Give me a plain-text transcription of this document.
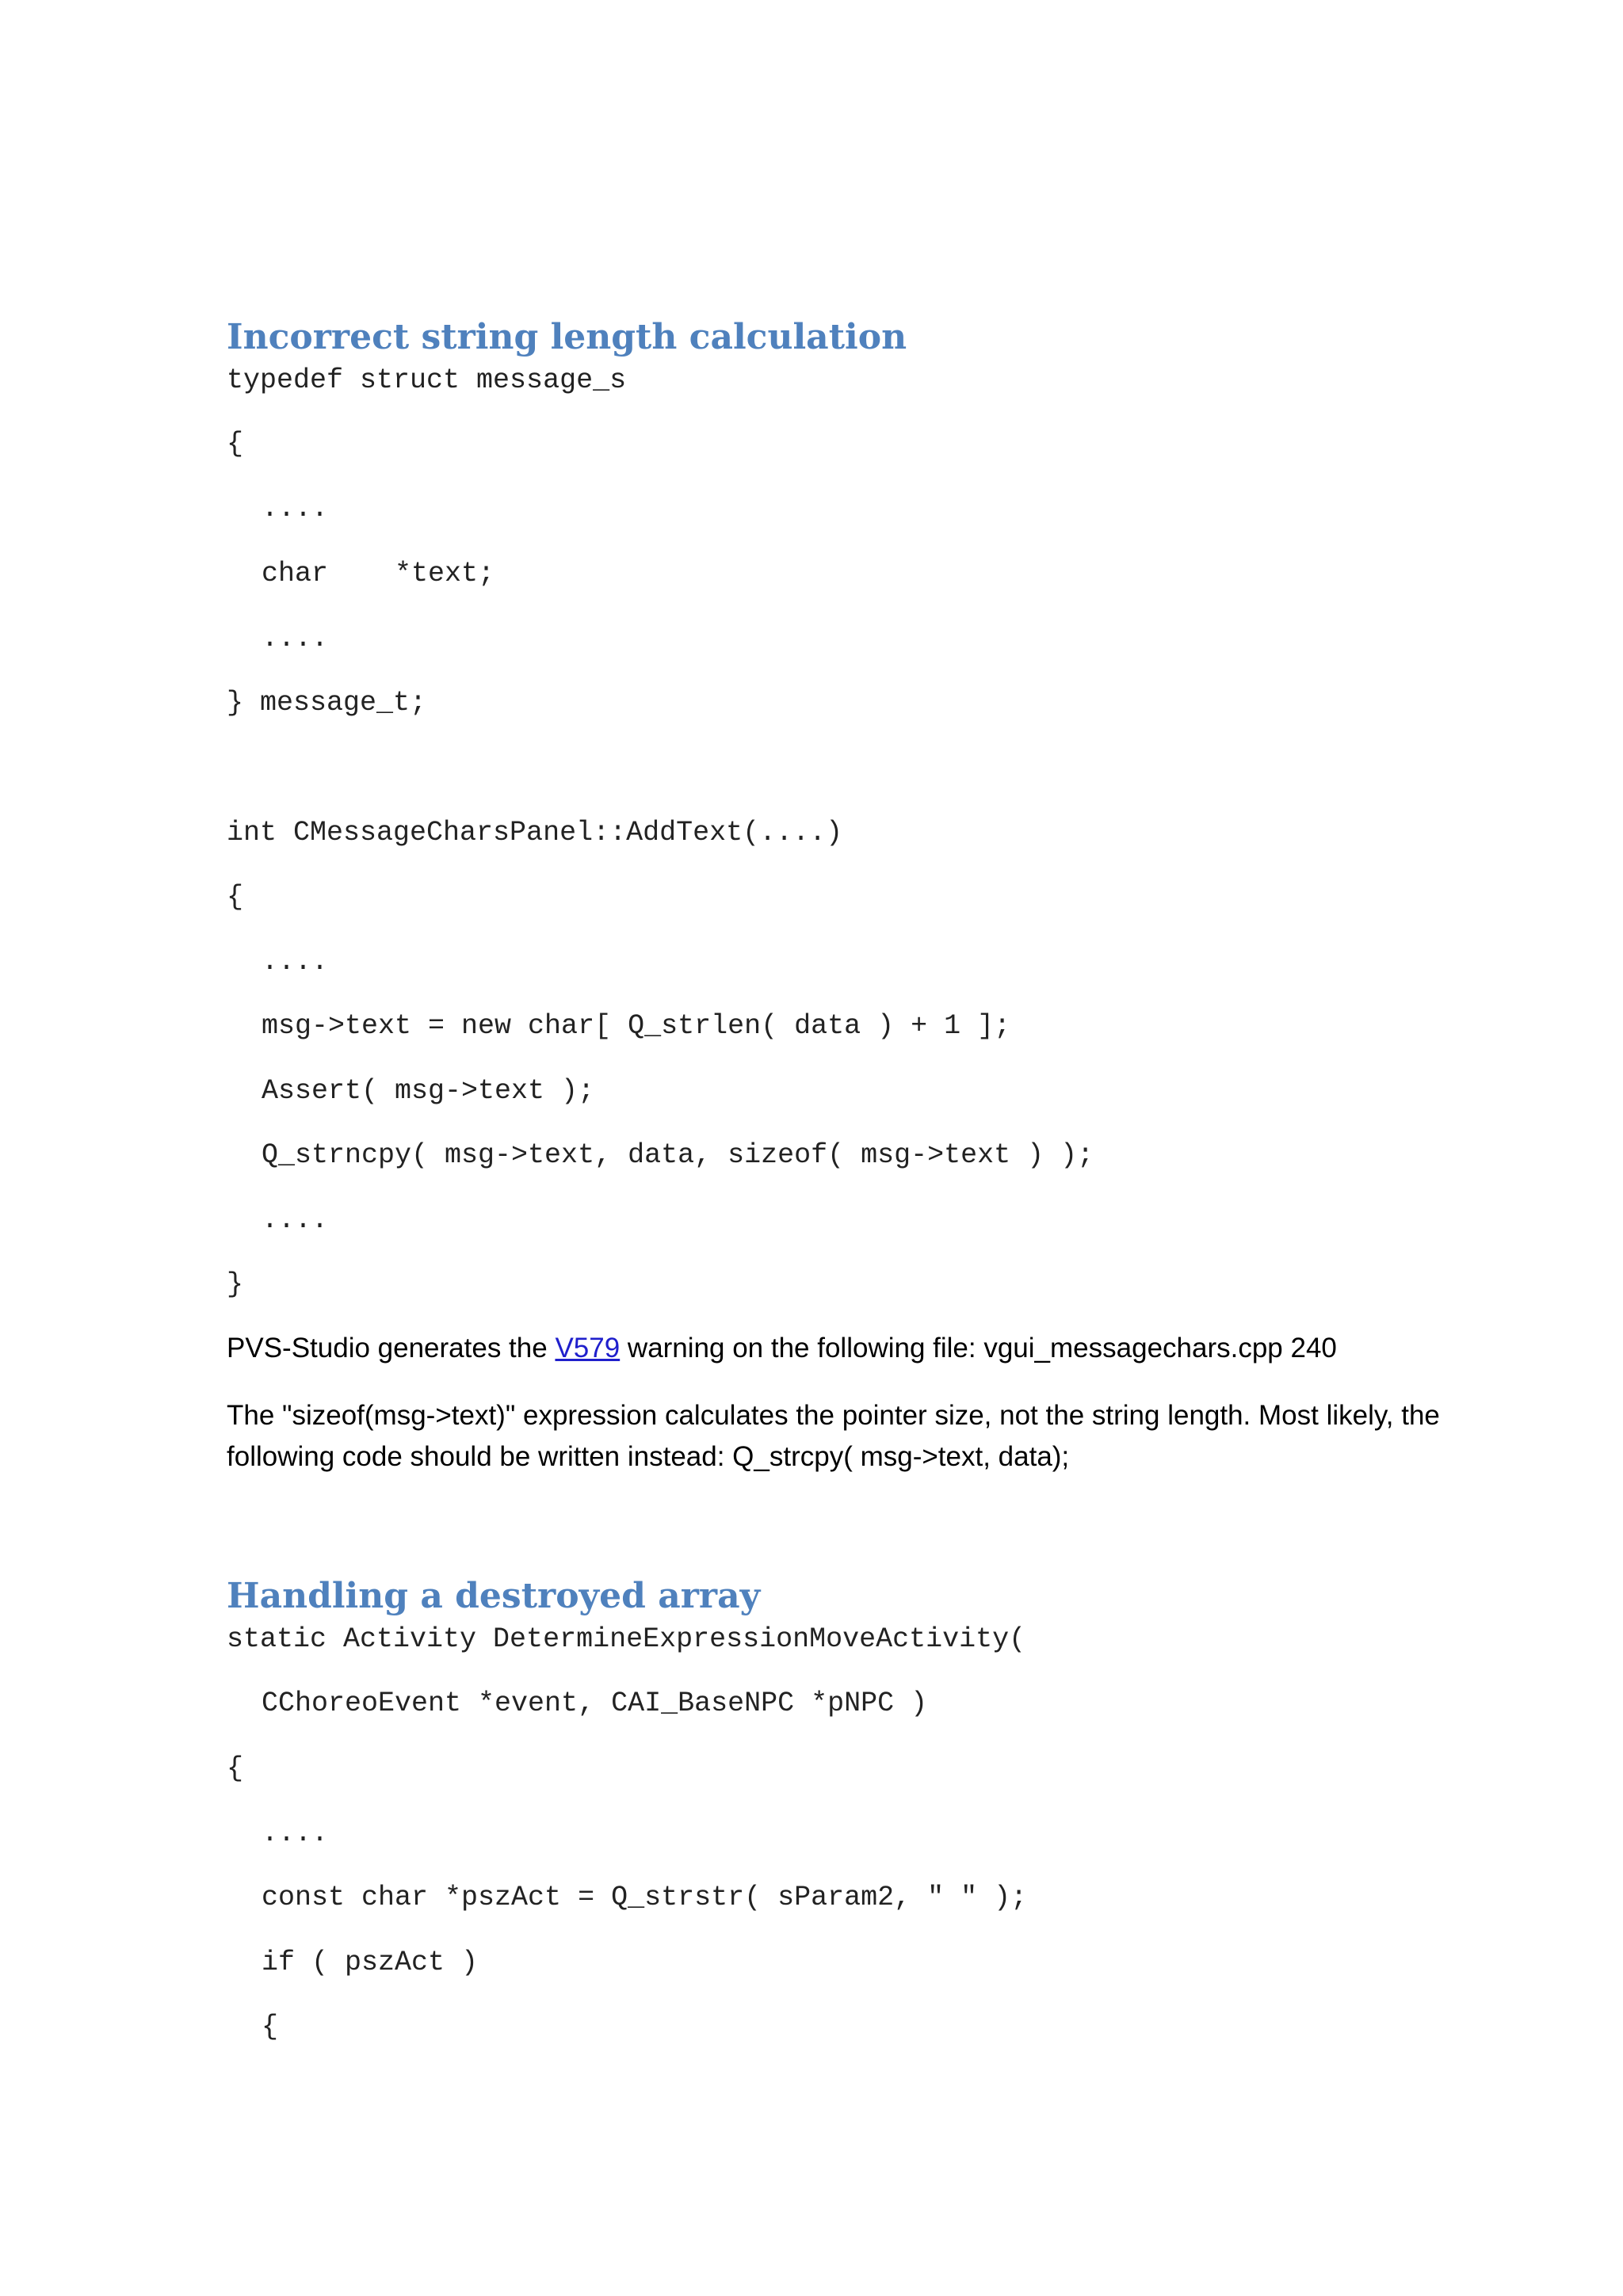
Incorrect string length calculation
typedef struct message_s
{
....
char    *text;
....
} message_t;
int CMessageCharsPanel::AddText(....)
{
....
msg->text = new char[ Q_strlen( data ) + 1 ];
Assert( msg->text );
Q_strncpy( msg->text, data, sizeof( msg->text ) );
....
}
PVS-Studio generates the V579 warning on the following file: vgui_messagechars.cpp 240
The "sizeof(msg->text)" expression calculates the pointer size, not the string length. Most likely, the following code should be written instead: Q_strcpy( msg->text, data);
Handling a destroyed array
static Activity DetermineExpressionMoveActivity(
CChoreoEvent *event, CAI_BaseNPC *pNPC )
{
....
const char *pszAct = Q_strstr( sParam2, " " );
if ( pszAct )
{
